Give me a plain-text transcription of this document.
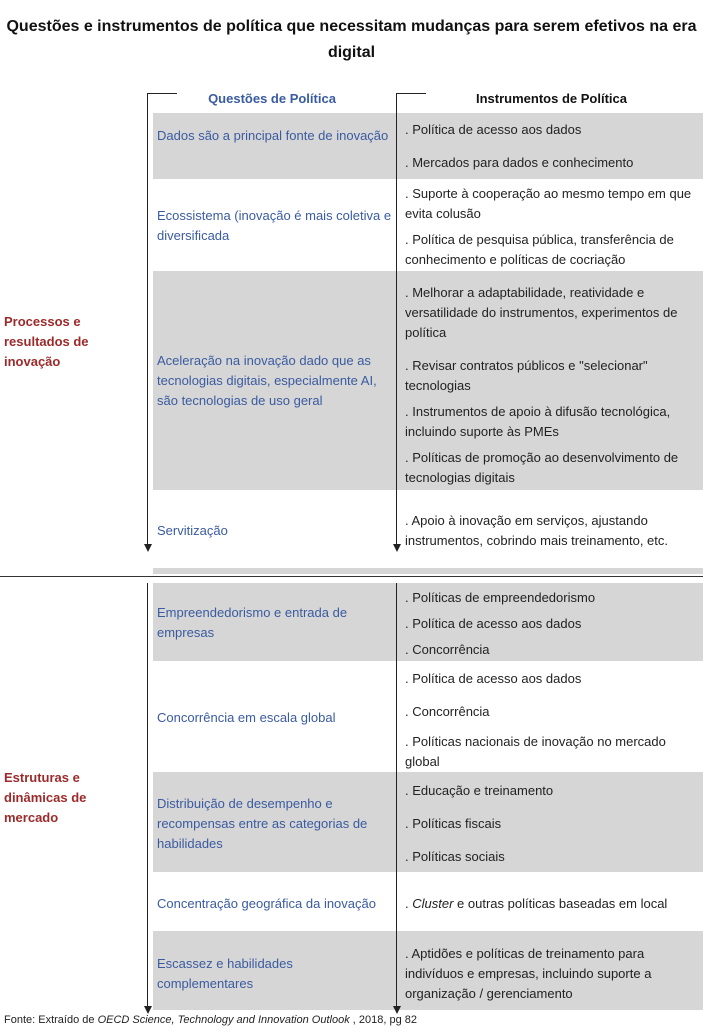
Questões e instrumentos de política que necessitam mudanças para serem efetivos na era digital
Questões de Política	Instrumentos de Política
Processos e resultados de inovação
Estruturas e dinâmicas de mercado
Dados são a principal fonte de inovação . Política de acesso aos dados
. Mercados para dados e conhecimento
Ecossistema (inovação é mais coletiva e diversificada
. Suporte à cooperação ao mesmo tempo em que evita colusão
. Política de pesquisa pública, transferência de conhecimento e políticas de cocriação
Aceleração na inovação dado que as tecnologias digitais, especialmente AI, são tecnologias de uso geral
. Melhorar a adaptabilidade, reatividade e versatilidade do instrumentos, experimentos de política
. Revisar contratos públicos e "selecionar" tecnologias
. Instrumentos de apoio à difusão tecnológica, incluindo suporte às PMEs
. Políticas de promoção ao desenvolvimento de tecnologias digitais
Servitização
. Apoio à inovação em serviços, ajustando instrumentos, cobrindo mais treinamento, etc.
Empreendedorismo e entrada de empresas
. Políticas de empreendedorismo
. Política de acesso aos dados
. Concorrência
Concorrência em escala global
. Política de acesso aos dados
. Concorrência
. Políticas nacionais de inovação no mercado global
Distribuição de desempenho e recompensas entre as categorias de habilidades
. Educação e treinamento
. Políticas fiscais
. Políticas sociais
Concentração geográfica da inovação	. Cluster e outras políticas baseadas em local
Escassez e habilidades complementares
. Aptidões e políticas de treinamento para indivíduos e empresas, incluindo suporte a organização / gerenciamento
Fonte: Extraído de OECD Science, Technology and Innovation Outlook , 2018, pg 82
